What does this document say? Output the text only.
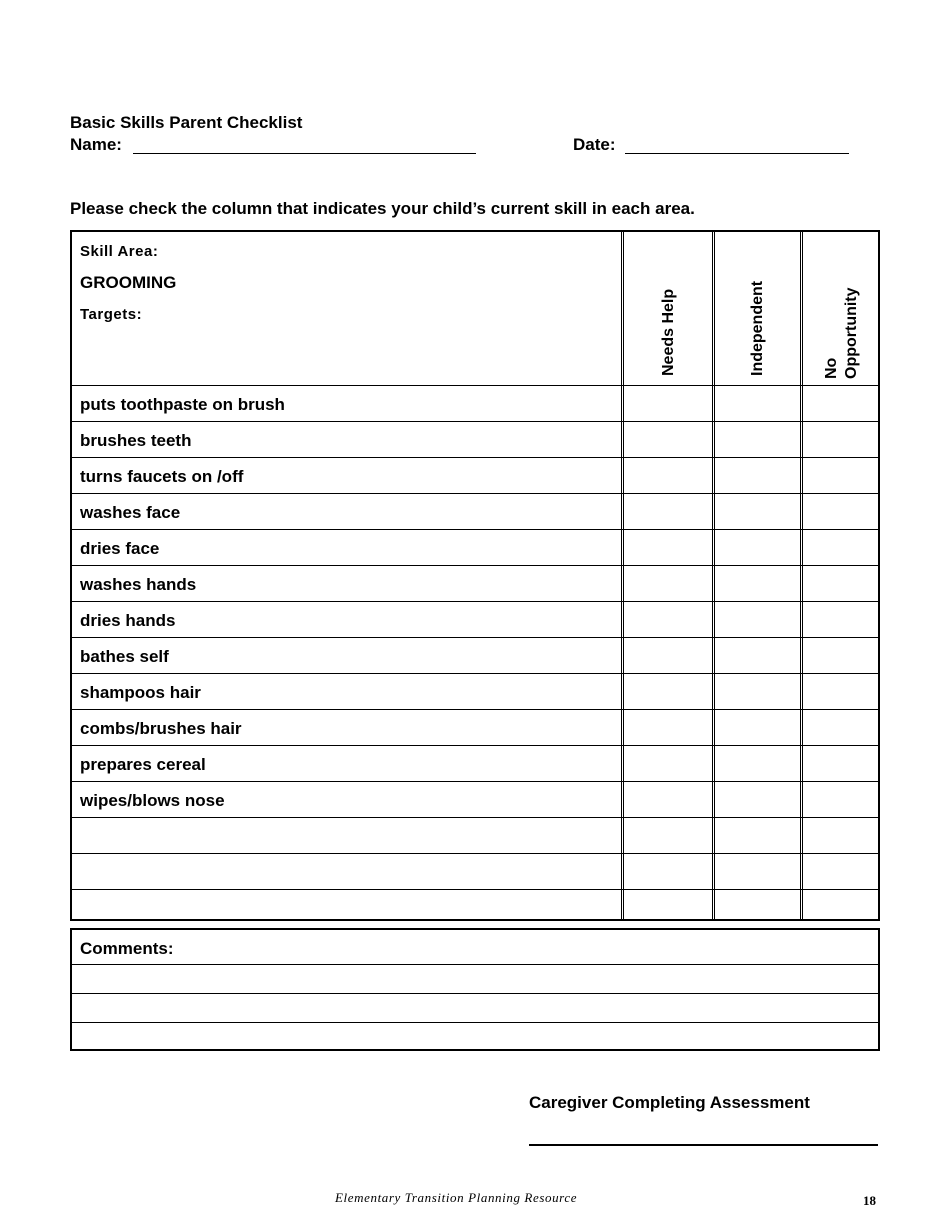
Basic Skills Parent Checklist
Name:	Date:
Please check the column that indicates your child’s current skill in each area.
Skill Area:
GROOMING
Targets:	Needs Help	Independent	No Opportunity
puts toothpaste on brush
brushes teeth
turns faucets on /off
washes face
dries face
washes hands
dries hands
bathes self
shampoos hair
combs/brushes hair
prepares cereal
wipes/blows nose
Comments:
Caregiver Completing Assessment
Elementary Transition Planning Resource	18
